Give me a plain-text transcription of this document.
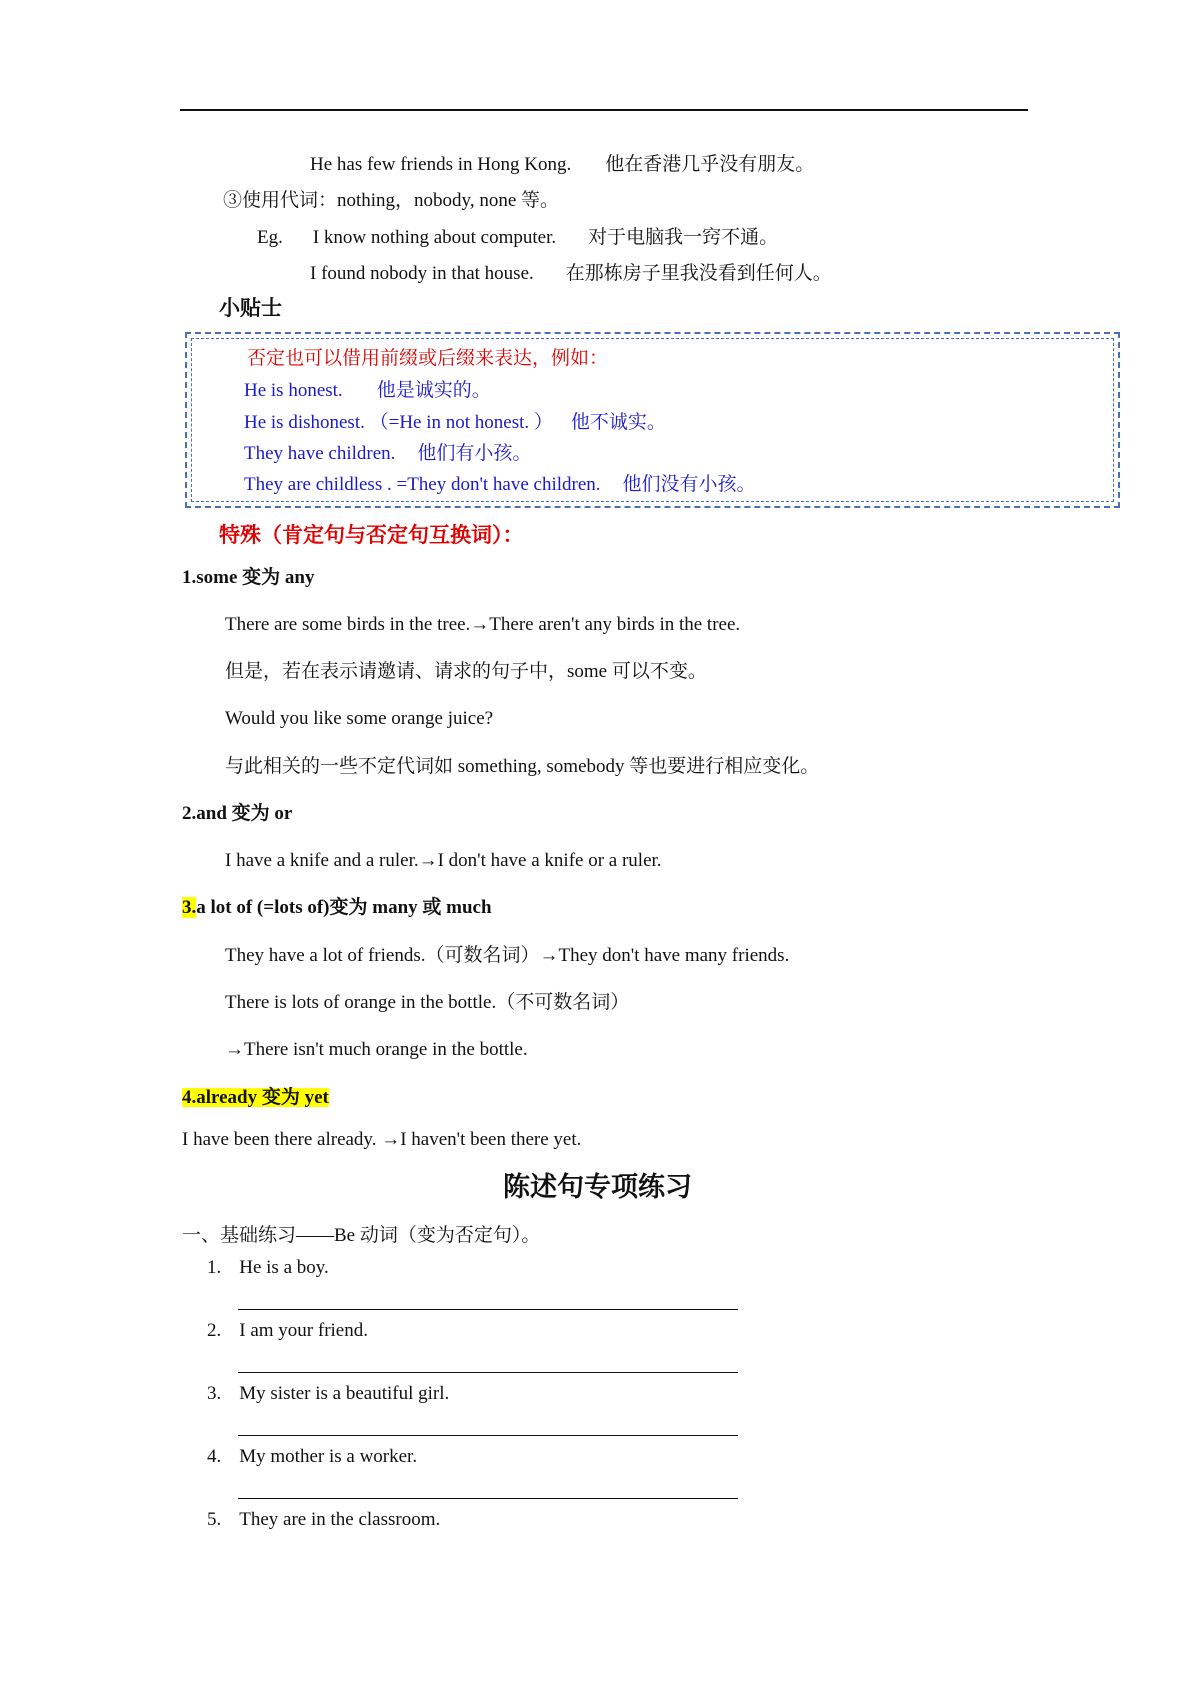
He has few friends in Hong Kong. 他在香港几乎没有朋友。
③使用代词：nothing，nobody, none 等。
Eg. I know nothing about computer. 对于电脑我一窍不通。
I found nobody in that house. 在那栋房子里我没看到任何人。
小贴士
否定也可以借用前缀或后缀来表达，例如：
He is honest. 他是诚实的。
He is dishonest. （=He in not honest. ） 他不诚实。
They have children. 他们有小孩。
They are childless . =They don't have children. 他们没有小孩。
特殊（肯定句与否定句互换词）：
1.some 变为 any
There are some birds in the tree.→There aren't any birds in the tree.
但是，若在表示请邀请、请求的句子中，some 可以不变。
Would you like some orange juice?
与此相关的一些不定代词如 something, somebody 等也要进行相应变化。
2.and 变为 or
I have a knife and a ruler.→I don't have a knife or a ruler.
3.a lot of (=lots of)变为 many 或 much
They have a lot of friends.（可数名词）→They don't have many friends.
There is lots of orange in the bottle.（不可数名词）
→There isn't much orange in the bottle.
4.already 变为 yet
I have been there already. →I haven't been there yet.
陈述句专项练习
一、基础练习——Be 动词（变为否定句）。
1. He is a boy.
2. I am your friend.
3. My sister is a beautiful girl.
4. My mother is a worker.
5. They are in the classroom.
